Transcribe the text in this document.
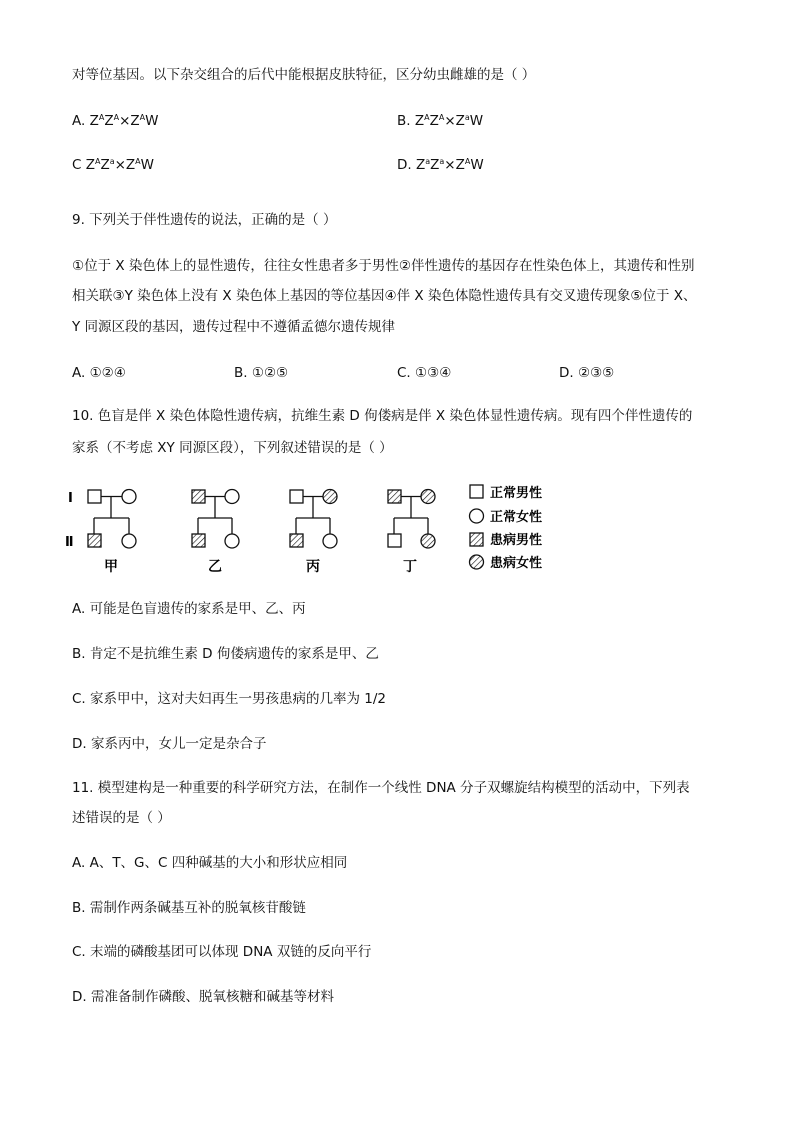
对等位基因。以下杂交组合的后代中能根据皮肤特征，区分幼虫雌雄的是（ ）
A. $Z^AZ^A\times Z^AW$	B. $Z^AZ^A\times Z^aW$
C $Z^AZ^a\times Z^AW$	D. $Z^aZ^a\times Z^AW$
9. 下列关于伴性遗传的说法，正确的是（ ）
①位于 X 染色体上的显性遗传，往往女性患者多于男性②伴性遗传的基因存在性染色体上，其遗传和性别
相关联③Y 染色体上没有 X 染色体上基因的等位基因④伴 X 染色体隐性遗传具有交叉遗传现象⑤位于 X、
Y 同源区段的基因，遗传过程中不遵循孟德尔遗传规律
A. ①②④	B. ①②⑤	C. ①③④	D. ②③⑤
10. 色盲是伴 X 染色体隐性遗传病，抗维生素 D 佝偻病是伴 X 染色体显性遗传病。现有四个伴性遗传的
家系（不考虑 XY 同源区段），下列叙述错误的是（ ）
Ⅰ
Ⅱ
甲	乙	丙	丁
正常男性
正常女性
患病男性
患病女性
A. 可能是色盲遗传的家系是甲、乙、丙
B. 肯定不是抗维生素 D 佝偻病遗传的家系是甲、乙
C. 家系甲中，这对夫妇再生一男孩患病的几率为 1/2
D. 家系丙中，女儿一定是杂合子
11. 模型建构是一种重要的科学研究方法，在制作一个线性 DNA 分子双螺旋结构模型的活动中，下列表
述错误的是（ ）
A. A、T、G、C 四种碱基的大小和形状应相同
B. 需制作两条碱基互补的脱氧核苷酸链
C. 末端的磷酸基团可以体现 DNA 双链的反向平行
D. 需准备制作磷酸、脱氧核糖和碱基等材料
